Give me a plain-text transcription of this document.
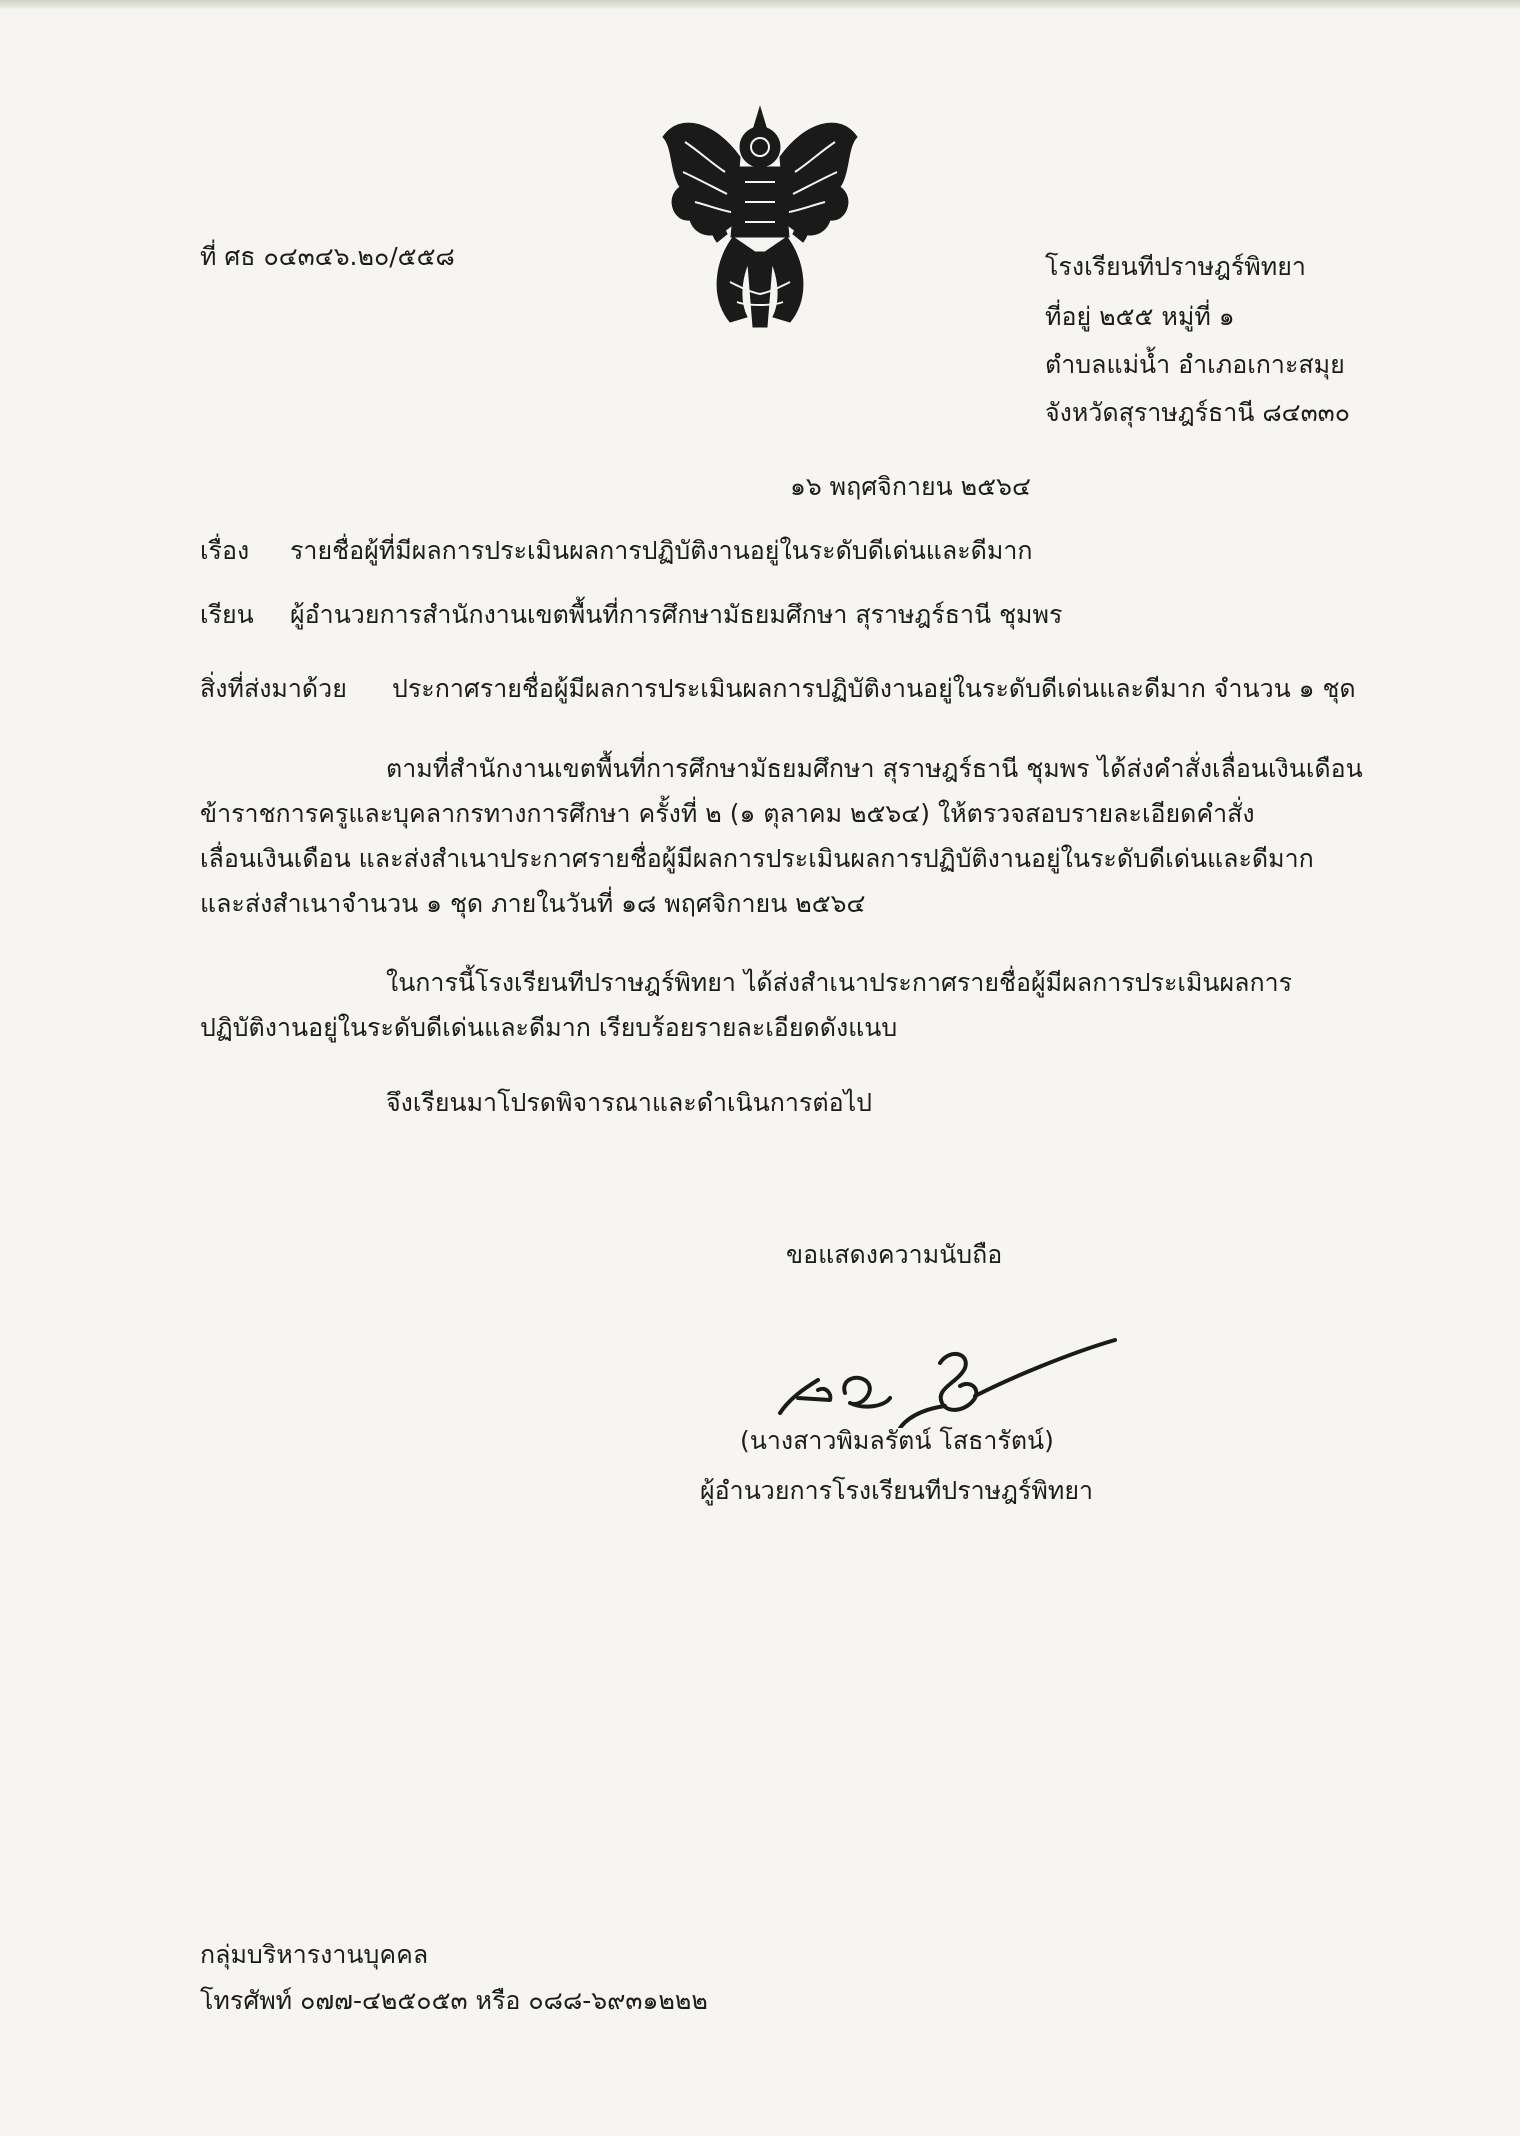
ที่ ศธ ๐๔๓๔๖.๒๐/๕๕๘	โรงเรียนทีปราษฎร์พิทยา
ที่อยู่ ๒๕๕ หมู่ที่ ๑
ตำบลแม่น้ำ อำเภอเกาะสมุย
จังหวัดสุราษฎร์ธานี ๘๔๓๓๐
๑๖ พฤศจิกายน ๒๕๖๔
เรื่อง รายชื่อผู้ที่มีผลการประเมินผลการปฏิบัติงานอยู่ในระดับดีเด่นและดีมาก
เรียน ผู้อำนวยการสำนักงานเขตพื้นที่การศึกษามัธยมศึกษา สุราษฎร์ธานี ชุมพร
สิ่งที่ส่งมาด้วย ประกาศรายชื่อผู้มีผลการประเมินผลการปฏิบัติงานอยู่ในระดับดีเด่นและดีมาก จำนวน ๑ ชุด
ตามที่สำนักงานเขตพื้นที่การศึกษามัธยมศึกษา สุราษฎร์ธานี ชุมพร ได้ส่งคำสั่งเลื่อนเงินเดือน
ข้าราชการครูและบุคลากรทางการศึกษา ครั้งที่ ๒ (๑ ตุลาคม ๒๕๖๔) ให้ตรวจสอบรายละเอียดคำสั่ง
เลื่อนเงินเดือน และส่งสำเนาประกาศรายชื่อผู้มีผลการประเมินผลการปฏิบัติงานอยู่ในระดับดีเด่นและดีมาก
และส่งสำเนาจำนวน ๑ ชุด ภายในวันที่ ๑๘ พฤศจิกายน ๒๕๖๔
ในการนี้โรงเรียนทีปราษฎร์พิทยา ได้ส่งสำเนาประกาศรายชื่อผู้มีผลการประเมินผลการ
ปฏิบัติงานอยู่ในระดับดีเด่นและดีมาก เรียบร้อยรายละเอียดดังแนบ
จึงเรียนมาโปรดพิจารณาและดำเนินการต่อไป
ขอแสดงความนับถือ
(นางสาวพิมลรัตน์ โสธารัตน์)
ผู้อำนวยการโรงเรียนทีปราษฎร์พิทยา
กลุ่มบริหารงานบุคคล
โทรศัพท์ ๐๗๗-๔๒๕๐๕๓ หรือ ๐๘๘-๖๙๓๑๒๒๒
